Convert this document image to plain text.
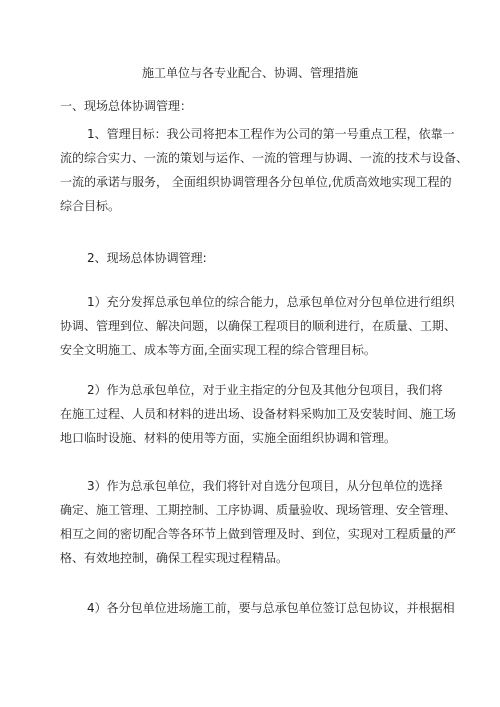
施工单位与各专业配合、协调、管理措施
一、现场总体协调管理：
1、管理目标：我公司将把本工程作为公司的第一号重点工程，依靠一
流的综合实力、一流的策划与运作、一流的管理与协调、一流的技术与设备、
一流的承诺与服务， 全面组织协调管理各分包单位,优质高效地实现工程的
综合目标。
2、现场总体协调管理:
1）充分发挥总承包单位的综合能力，总承包单位对分包单位进行组织
协调、管理到位、解决问题，以确保工程项目的顺利进行，在质量、工期、
安全文明施工、成本等方面,全面实现工程的综合管理目标。
2）作为总承包单位，对于业主指定的分包及其他分包项目，我们将
在施工过程、人员和材料的进出场、设备材料采购加工及安装时间、施工场
地口临时设施、材料的使用等方面，实施全面组织协调和管理。
3）作为总承包单位，我们将针对自选分包项目，从分包单位的选择
确定、施工管理、工期控制、工序协调、质量验收、现场管理、安全管理、
相互之间的密切配合等各环节上做到管理及时、到位，实现对工程质量的严
格、有效地控制，确保工程实现过程精品。
4）各分包单位进场施工前，要与总承包单位签订总包协议，并根据相
